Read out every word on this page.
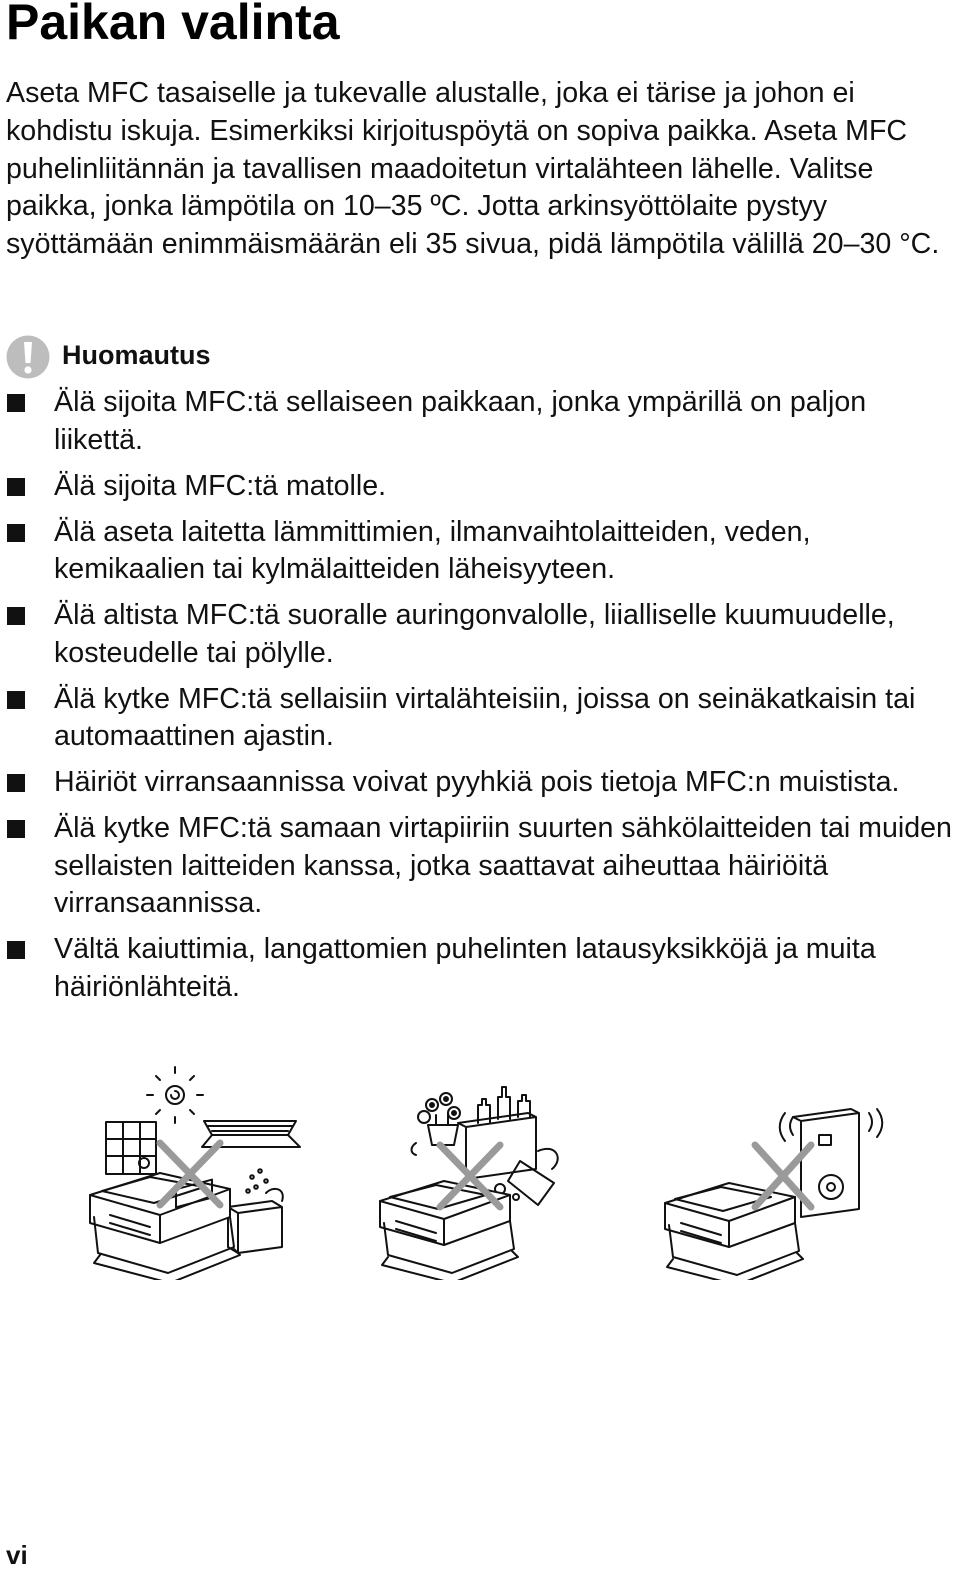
Paikan valinta

Aseta MFC tasaiselle ja tukevalle alustalle, joka ei tärise ja johon ei kohdistu iskuja. Esimerkiksi kirjoituspöytä on sopiva paikka. Aseta MFC puhelinliitännän ja tavallisen maadoitetun virtalähteen lähelle. Valitse paikka, jonka lämpötila on 10–35 ºC. Jotta arkinsyöttölaite pystyy syöttämään enimmäismäärän eli 35 sivua, pidä lämpötila välillä 20–30 °C.

Huomautus
Älä sijoita MFC:tä sellaiseen paikkaan, jonka ympärillä on paljon liikettä.
Älä sijoita MFC:tä matolle.
Älä aseta laitetta lämmittimien, ilmanvaihtolaitteiden, veden, kemikaalien tai kylmälaitteiden läheisyyteen.
Älä altista MFC:tä suoralle auringonvalolle, liialliselle kuumuudelle, kosteudelle tai pölylle.
Älä kytke MFC:tä sellaisiin virtalähteisiin, joissa on seinäkatkaisin tai automaattinen ajastin.
Häiriöt virransaannissa voivat pyyhkiä pois tietoja MFC:n muistista.
Älä kytke MFC:tä samaan virtapiiriin suurten sähkölaitteiden tai muiden sellaisten laitteiden kanssa, jotka saattavat aiheuttaa häiriöitä virransaannissa.
Vältä kaiuttimia, langattomien puhelinten latausyksikköjä ja muita häiriönlähteitä.
vi
